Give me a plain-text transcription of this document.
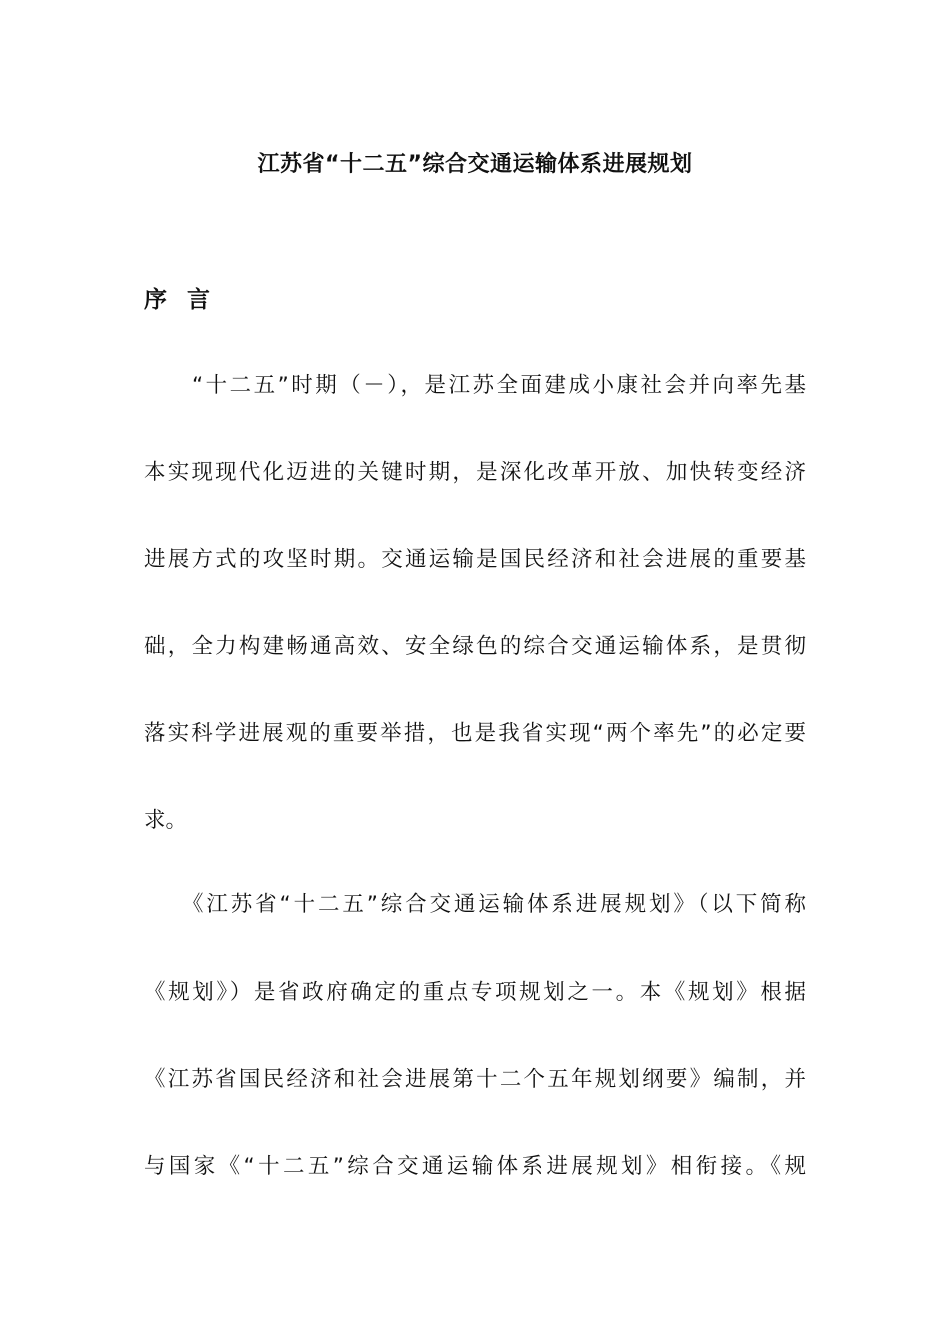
江苏省“十二五”综合交通运输体系进展规划
序 言
　　“十二五”时期（－），是江苏全面建成小康社会并向率先基
本实现现代化迈进的关键时期，是深化改革开放、加快转变经济
进展方式的攻坚时期。交通运输是国民经济和社会进展的重要基
础，全力构建畅通高效、安全绿色的综合交通运输体系，是贯彻
落实科学进展观的重要举措，也是我省实现“两个率先”的必定要
求。
　　《江苏省“十二五”综合交通运输体系进展规划》（以下简称
《规划》）是省政府确定的重点专项规划之一。本《规划》根据
《江苏省国民经济和社会进展第十二个五年规划纲要》编制，并
与国家《“十二五”综合交通运输体系进展规划》相衔接。《规
